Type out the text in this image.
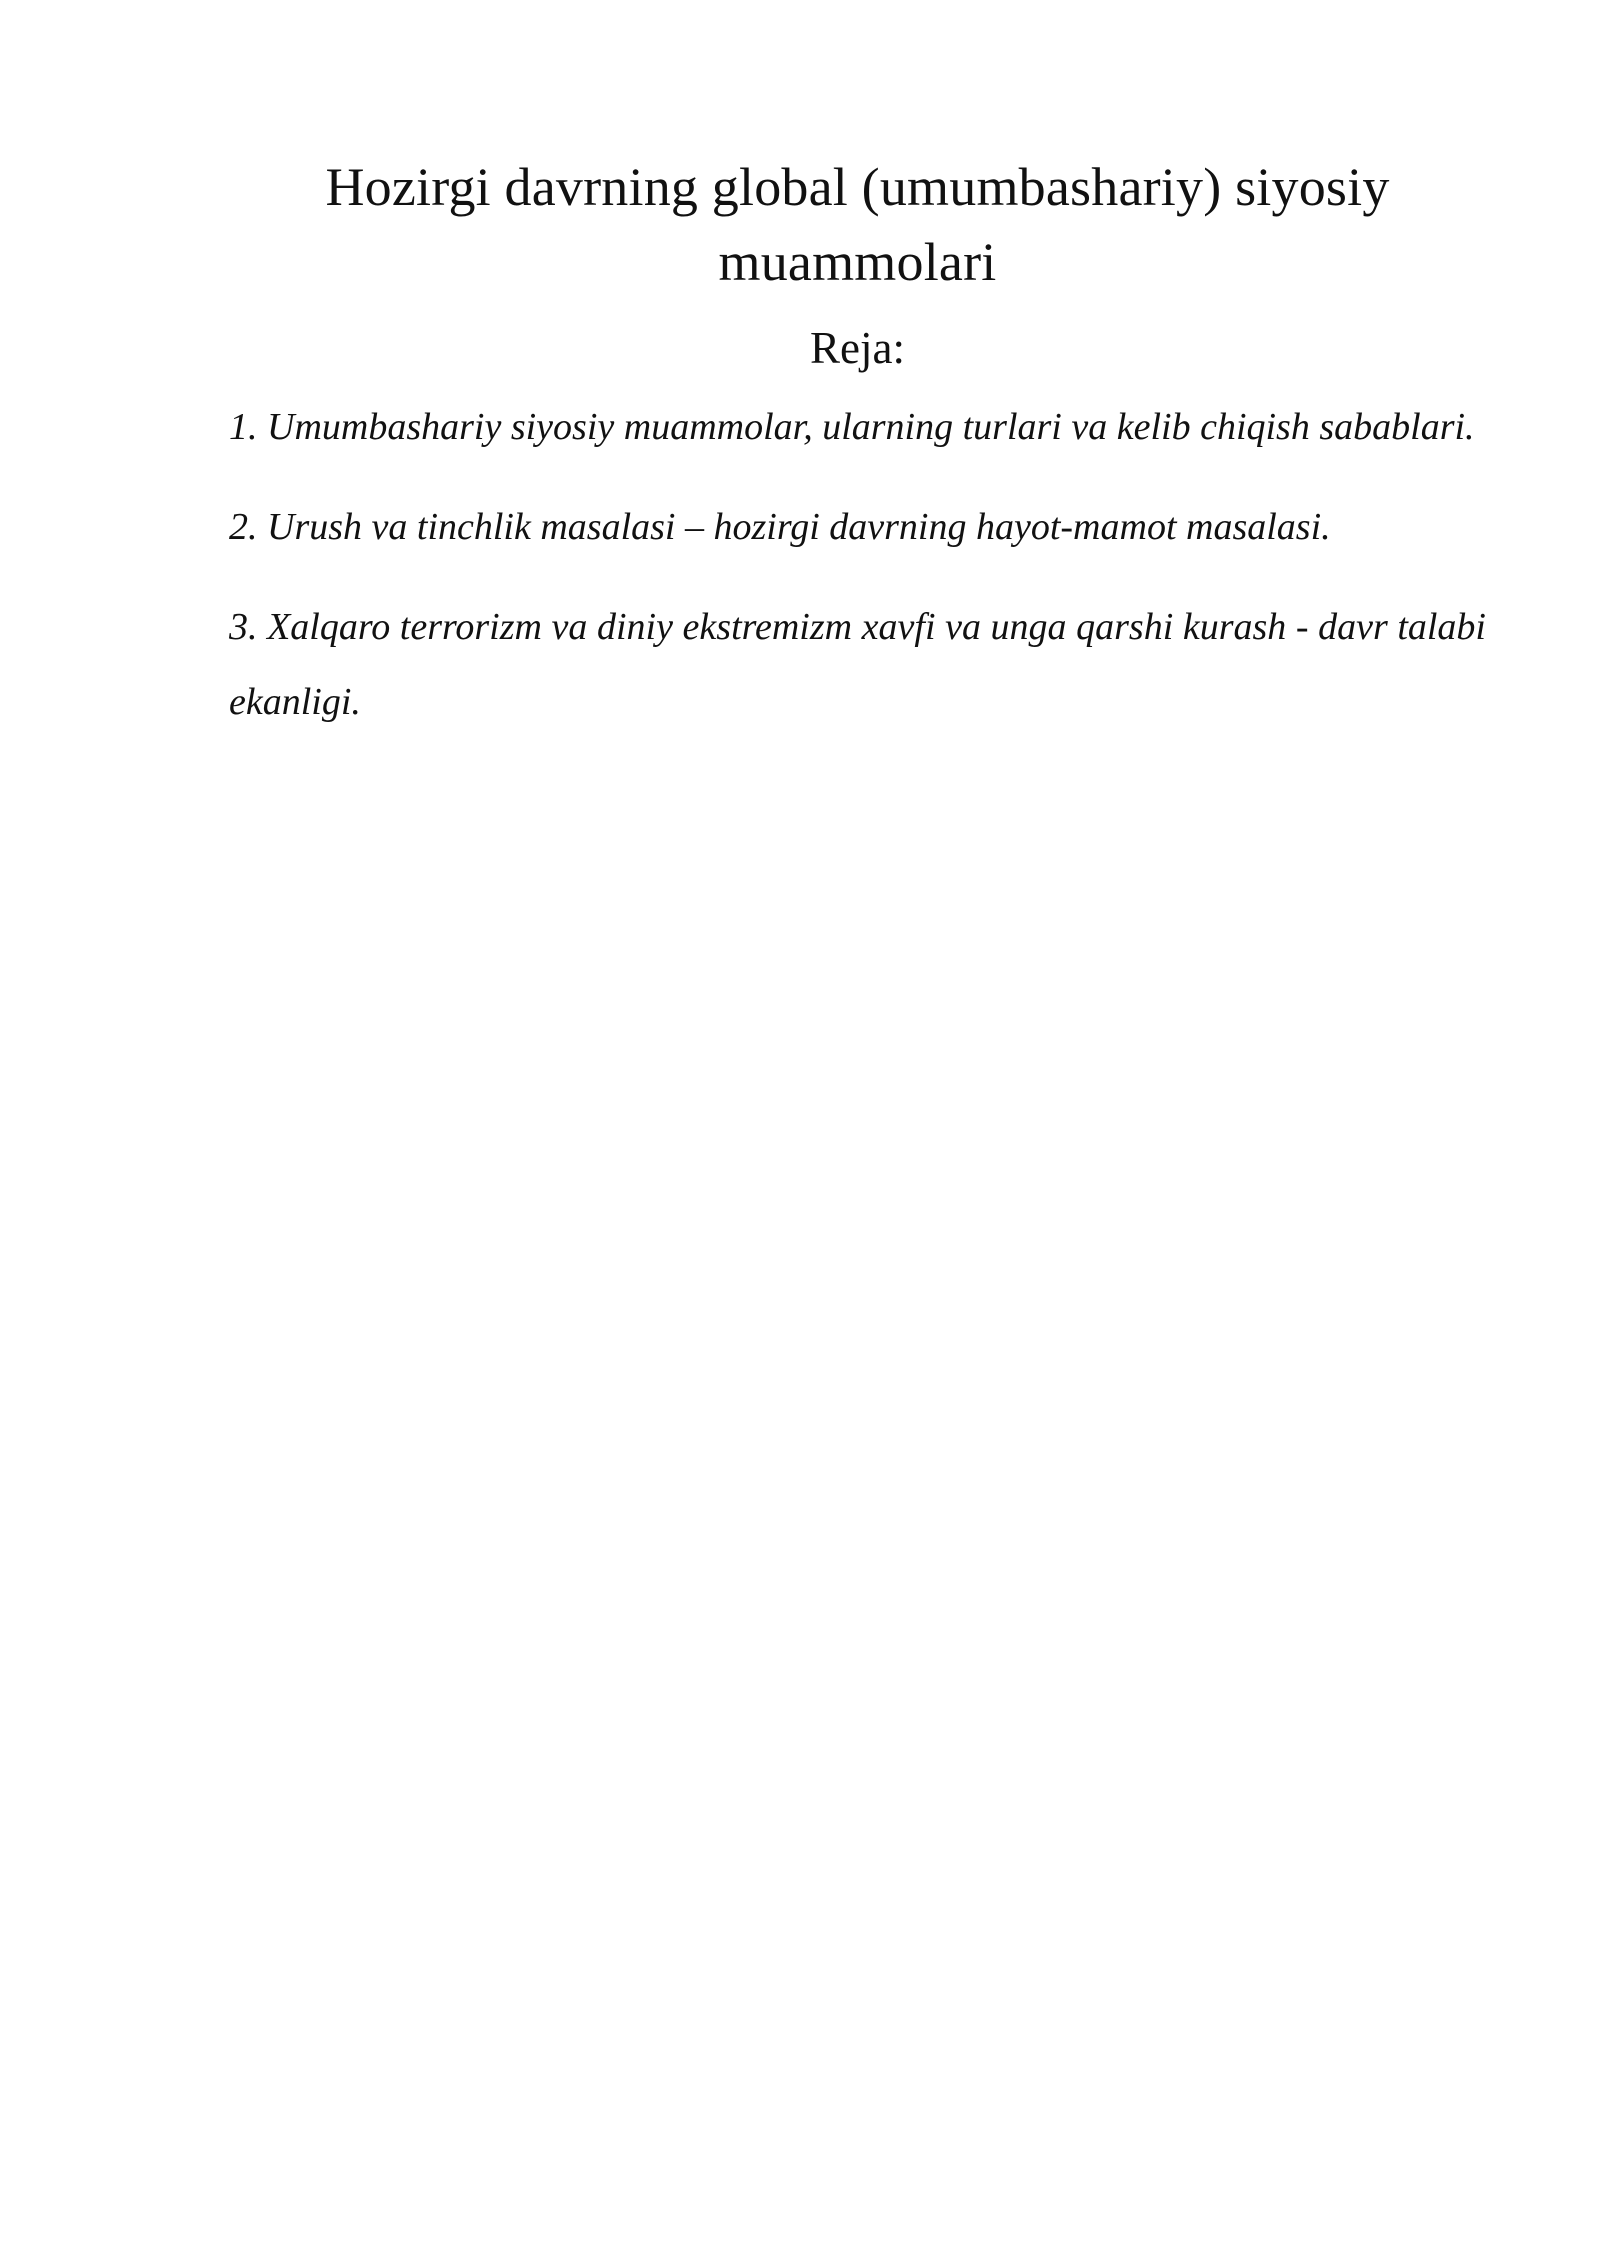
Hozirgi davrning global (umumbashariy) siyosiy
muammolari
Reja:
1. Umumbashariy siyosiy muammolar, ularning turlari va kelib chiqish sabablari.
2. Urush va tinchlik masalasi – hozirgi davrning hayot-mamot masalasi.
3. Xalqaro terrorizm va diniy ekstremizm xavfi va unga qarshi kurash - davr talabi ekanligi.
